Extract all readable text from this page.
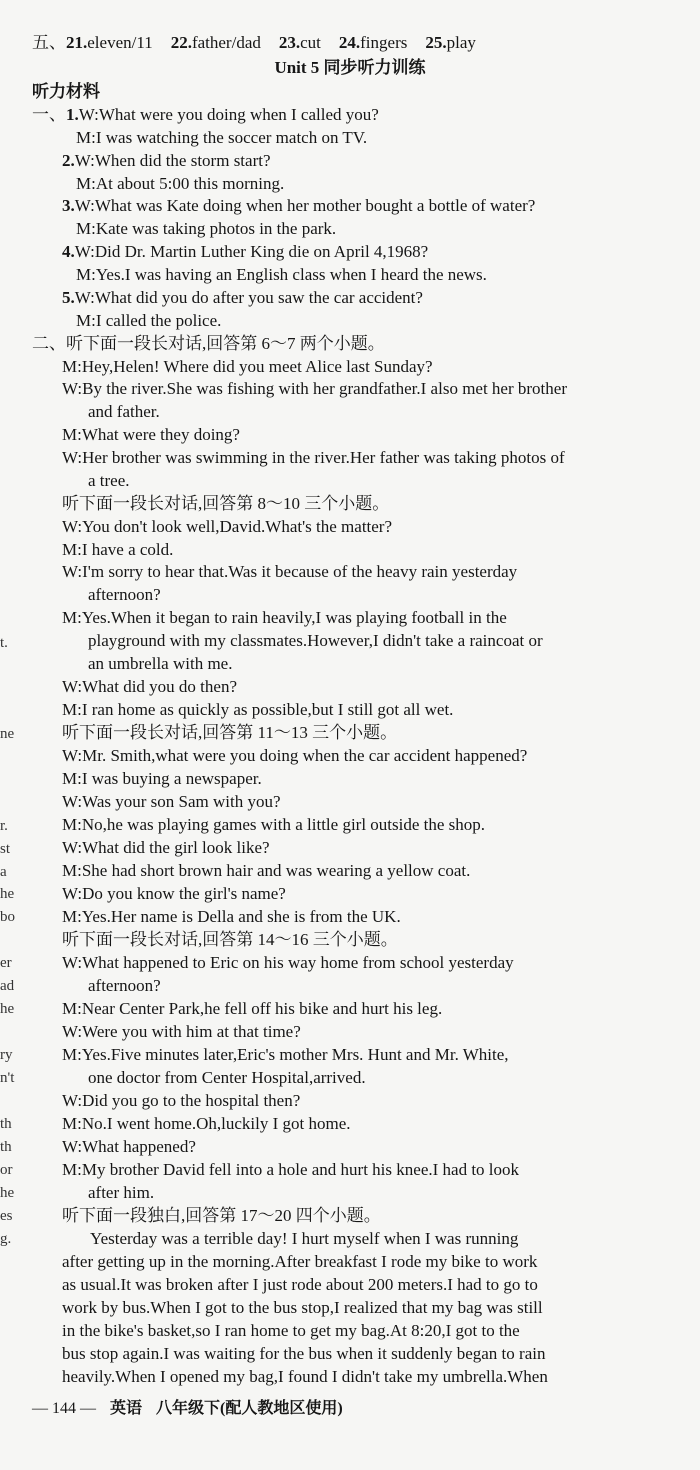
五、21.eleven/11 22.father/dad 23.cut 24.fingers 25.play
Unit 5 同步听力训练
听力材料
一、1.W:What were you doing when I called you?
M:I was watching the soccer match on TV.
2.W:When did the storm start?
M:At about 5:00 this morning.
3.W:What was Kate doing when her mother bought a bottle of water?
M:Kate was taking photos in the park.
4.W:Did Dr. Martin Luther King die on April 4,1968?
M:Yes.I was having an English class when I heard the news.
5.W:What did you do after you saw the car accident?
M:I called the police.
二、听下面一段长对话,回答第 6～7 两个小题。
M:Hey,Helen! Where did you meet Alice last Sunday?
W:By the river.She was fishing with her grandfather.I also met her brother
and father.
M:What were they doing?
W:Her brother was swimming in the river.Her father was taking photos of
a tree.
听下面一段长对话,回答第 8～10 三个小题。
W:You don't look well,David.What's the matter?
M:I have a cold.
W:I'm sorry to hear that.Was it because of the heavy rain yesterday
afternoon?
M:Yes.When it began to rain heavily,I was playing football in the
playground with my classmates.However,I didn't take a raincoat or
an umbrella with me.
W:What did you do then?
M:I ran home as quickly as possible,but I still got all wet.
听下面一段长对话,回答第 11～13 三个小题。
W:Mr. Smith,what were you doing when the car accident happened?
M:I was buying a newspaper.
W:Was your son Sam with you?
M:No,he was playing games with a little girl outside the shop.
W:What did the girl look like?
M:She had short brown hair and was wearing a yellow coat.
W:Do you know the girl's name?
M:Yes.Her name is Della and she is from the UK.
听下面一段长对话,回答第 14～16 三个小题。
W:What happened to Eric on his way home from school yesterday
afternoon?
M:Near Center Park,he fell off his bike and hurt his leg.
W:Were you with him at that time?
M:Yes.Five minutes later,Eric's mother Mrs. Hunt and Mr. White,
one doctor from Center Hospital,arrived.
W:Did you go to the hospital then?
M:No.I went home.Oh,luckily I got home.
W:What happened?
M:My brother David fell into a hole and hurt his knee.I had to look
after him.
听下面一段独白,回答第 17～20 四个小题。
Yesterday was a terrible day! I hurt myself when I was running
after getting up in the morning.After breakfast I rode my bike to work
as usual.It was broken after I just rode about 200 meters.I had to go to
work by bus.When I got to the bus stop,I realized that my bag was still
in the bike's basket,so I ran home to get my bag.At 8:20,I got to the
bus stop again.I was waiting for the bus when it suddenly began to rain
heavily.When I opened my bag,I found I didn't take my umbrella.When
t.
ne
r.
st
a
he
bo
er
ad
he
ry
n't
th
th
or
he
es
g.
— 144 — 英语 八年级下(配人教地区使用)
